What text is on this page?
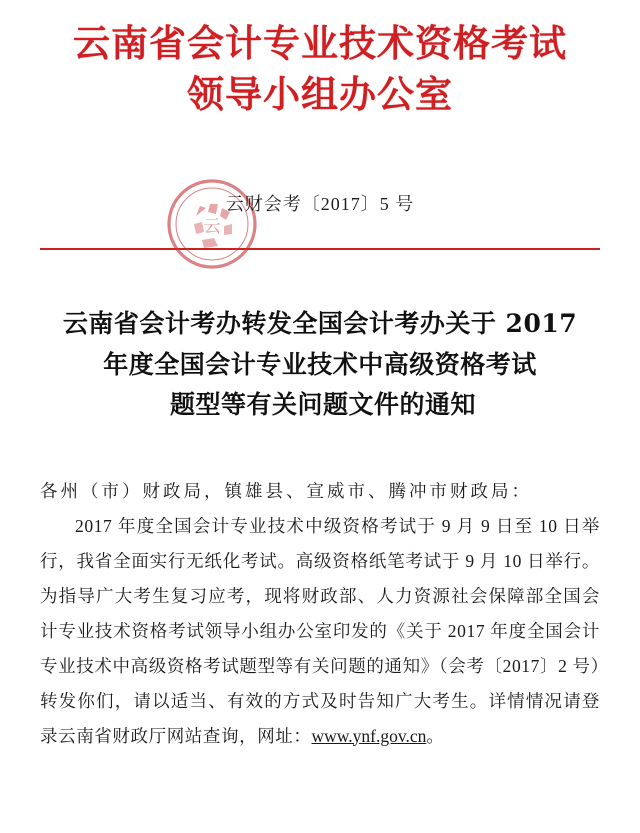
云南省会计专业技术资格考试
领导小组办公室
云
云财会考〔2017〕5 号
云南省会计考办转发全国会计考办关于 2017
年度全国会计专业技术中高级资格考试
题型等有关问题文件的通知
各州（市）财政局，镇雄县、宣威市、腾冲市财政局：

2017 年度全国会计专业技术中级资格考试于 9 月 9 日至 10 日举行，我省全面实行无纸化考试。高级资格纸笔考试于 9 月 10 日举行。为指导广大考生复习应考，现将财政部、人力资源社会保障部全国会计专业技术资格考试领导小组办公室印发的《关于 2017 年度全国会计专业技术中高级资格考试题型等有关问题的通知》（会考〔2017〕2 号）转发你们，请以适当、有效的方式及时告知广大考生。详情情况请登录云南省财政厅网站查询，网址：www.ynf.gov.cn。
